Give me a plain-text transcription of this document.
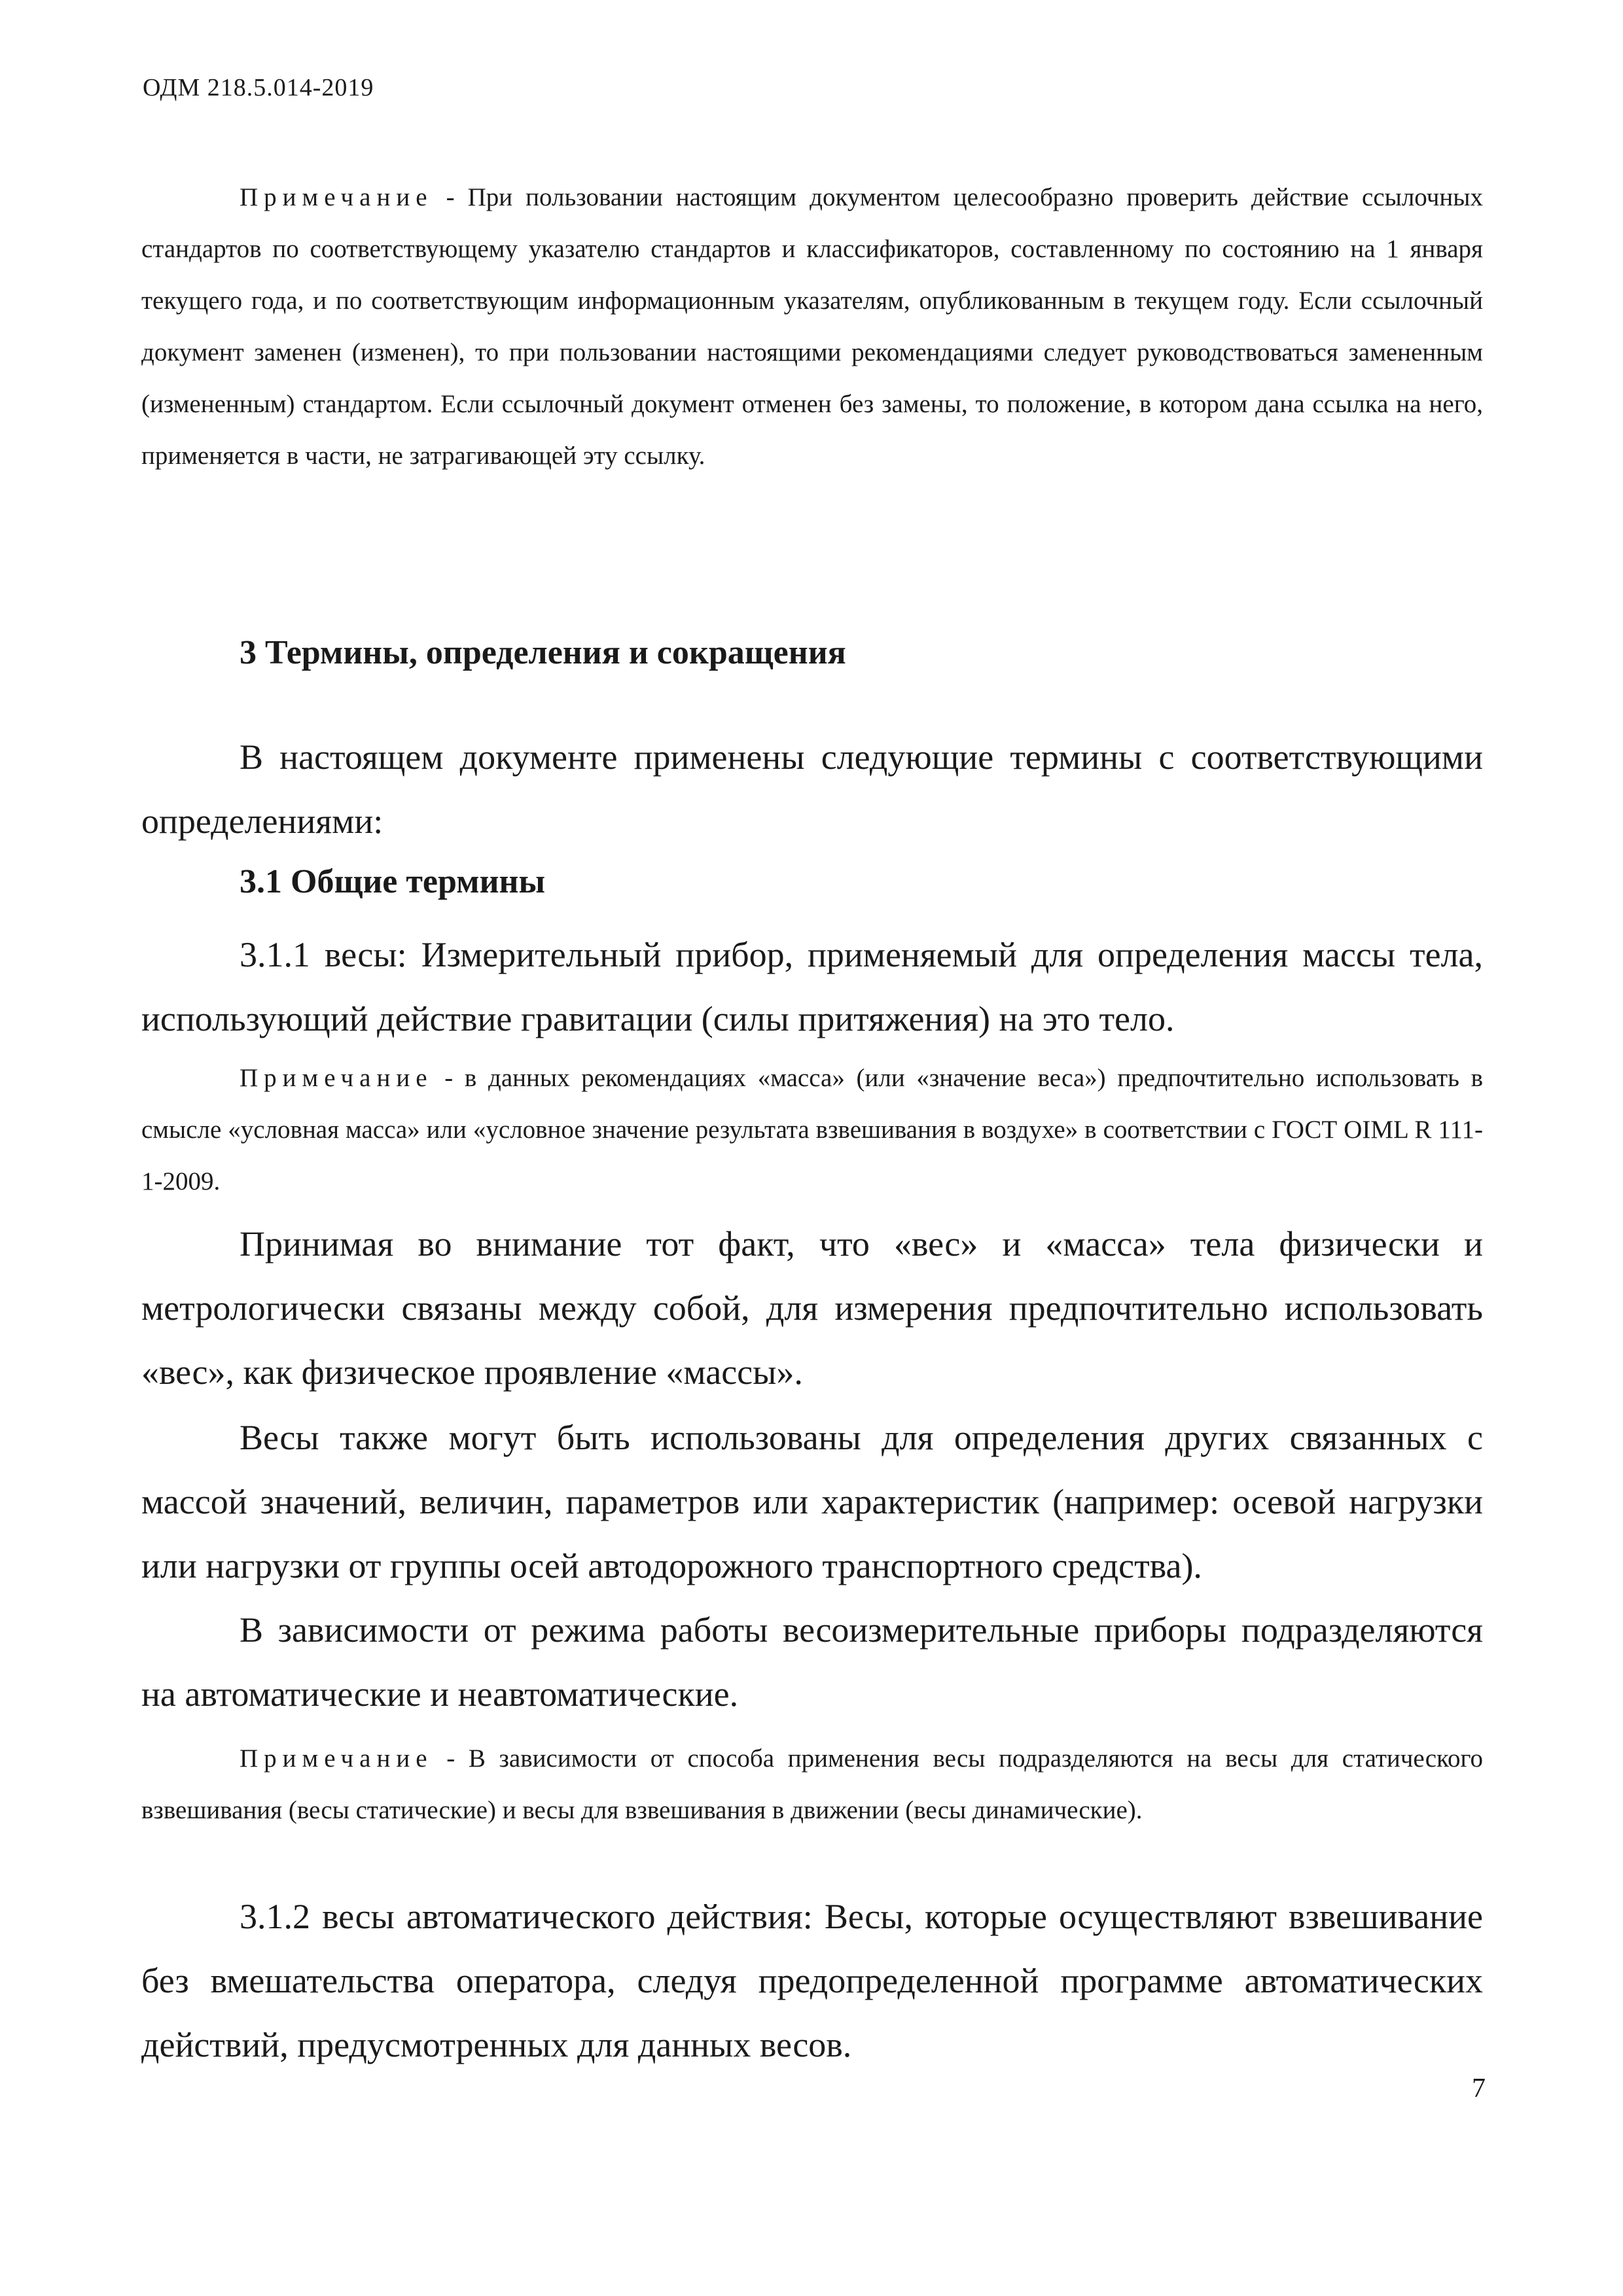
ОДМ 218.5.014-2019

Примечание - При пользовании настоящим документом целесообразно проверить действие ссылочных стандартов по соответствующему указателю стандартов и классификаторов, составленному по состоянию на 1 января текущего года, и по соответствующим информационным указателям, опубликованным в текущем году. Если ссылочный документ заменен (изменен), то при пользовании настоящими рекомендациями следует руководствоваться замененным (измененным) стандартом. Если ссылочный документ отменен без замены, то положение, в котором дана ссылка на него, применяется в части, не затрагивающей эту ссылку.

3 Термины, определения и сокращения

В настоящем документе применены следующие термины с соответствующими определениями:

3.1 Общие термины

3.1.1 весы: Измерительный прибор, применяемый для определения массы тела, использующий действие гравитации (силы притяжения) на это тело.

Примечание - в данных рекомендациях «масса» (или «значение веса») предпочтительно использовать в смысле «условная масса» или «условное значение результата взвешивания в воздухе» в соответствии с ГОСТ OIML R 111-1-2009.

Принимая во внимание тот факт, что «вес» и «масса» тела физически и метрологически связаны между собой, для измерения предпочтительно использовать «вес», как физическое проявление «массы».

Весы также могут быть использованы для определения других связанных с массой значений, величин, параметров или характеристик (например: осевой нагрузки или нагрузки от группы осей автодорожного транспортного средства).

В зависимости от режима работы весоизмерительные приборы подразделяются на автоматические и неавтоматические.

Примечание - В зависимости от способа применения весы подразделяются на весы для статического взвешивания (весы статические) и весы для взвешивания в движении (весы динамические).

3.1.2 весы автоматического действия: Весы, которые осуществляют взвешивание без вмешательства оператора, следуя предопределенной программе автоматических действий, предусмотренных для данных весов.

7
